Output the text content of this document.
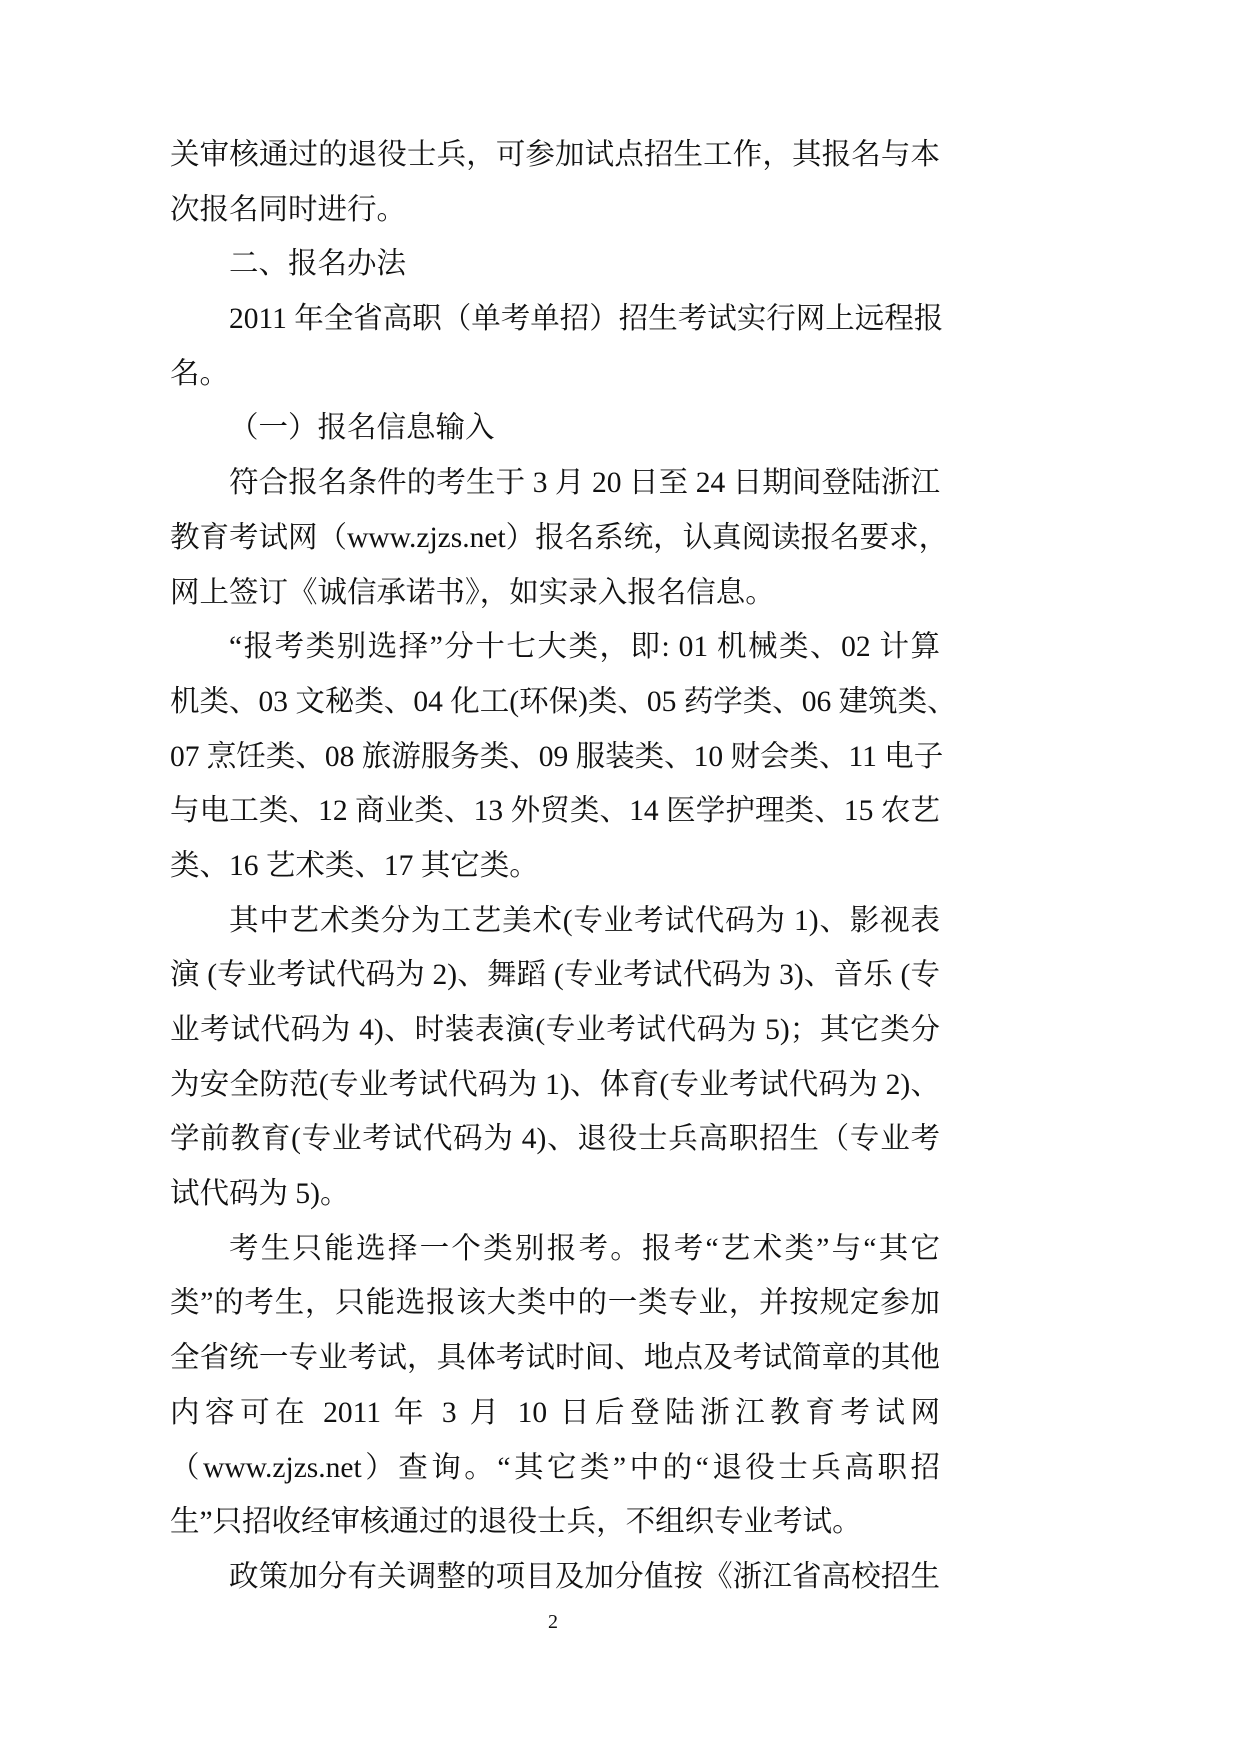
关审核通过的退役士兵，可参加试点招生工作，其报名与本
次报名同时进行。
二、报名办法
2011 年全省高职（单考单招）招生考试实行网上远程报
名。
（一）报名信息输入
符合报名条件的考生于 3 月 20 日至 24 日期间登陆浙江
教育考试网（www.zjzs.net）报名系统，认真阅读报名要求，
网上签订《诚信承诺书》，如实录入报名信息。
“报考类别选择”分十七大类，即: 01 机械类、02 计算
机类、03 文秘类、04 化工(环保)类、05 药学类、06 建筑类、
07 烹饪类、08 旅游服务类、09 服装类、10 财会类、11 电子
与电工类、12 商业类、13 外贸类、14 医学护理类、15 农艺
类、16 艺术类、17 其它类。
其中艺术类分为工艺美术(专业考试代码为 1)、影视表
演 (专业考试代码为 2)、舞蹈 (专业考试代码为 3)、音乐 (专
业考试代码为 4)、时装表演(专业考试代码为 5)；其它类分
为安全防范(专业考试代码为 1)、体育(专业考试代码为 2)、
学前教育(专业考试代码为 4)、退役士兵高职招生（专业考
试代码为 5)。
考生只能选择一个类别报考。报考“艺术类”与“其它
类”的考生，只能选报该大类中的一类专业，并按规定参加
全省统一专业考试，具体考试时间、地点及考试简章的其他
内容可在 2011 年 3 月 10 日后登陆浙江教育考试网
（www.zjzs.net）查询。“其它类”中的“退役士兵高职招
生”只招收经审核通过的退役士兵，不组织专业考试。
政策加分有关调整的项目及加分值按《浙江省高校招生
2
